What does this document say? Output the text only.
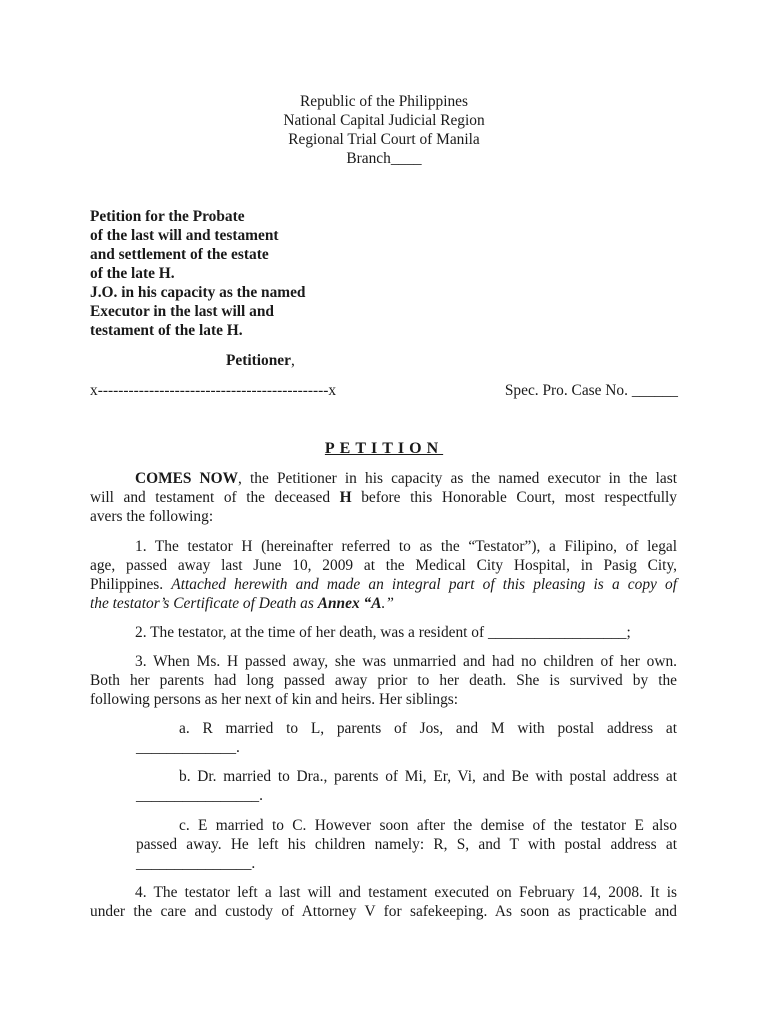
Republic of the Philippines
National Capital Judicial Region
Regional Trial Court of Manila
Branch____
Petition for the Probate
of the last will and testament
and settlement of the estate
of the late H.
J.O. in his capacity as the named
Executor in the last will and
testament of the late H.
Petitioner,
x---------------------------------------------x	Spec. Pro. Case No. ______
PETITION
COMES NOW, the Petitioner in his capacity as the named executor in the last
will and testament of the deceased H before this Honorable Court, most respectfully
avers the following:
1. The testator H (hereinafter referred to as the “Testator”), a Filipino, of legal
age, passed away last June 10, 2009 at the Medical City Hospital, in Pasig City,
Philippines. Attached herewith and made an integral part of this pleasing is a copy of
the testator’s Certificate of Death as Annex “A.”
2. The testator, at the time of her death, was a resident of __________________;
3. When Ms. H passed away, she was unmarried and had no children of her own.
Both her parents had long passed away prior to her death. She is survived by the
following persons as her next of kin and heirs. Her siblings:
a. R married to L, parents of Jos, and M with postal address at
_____________.
b. Dr. married to Dra., parents of Mi, Er, Vi, and Be with postal address at
________________.
c. E married to C. However soon after the demise of the testator E also
passed away. He left his children namely: R, S, and T with postal address at
_______________.
4. The testator left a last will and testament executed on February 14, 2008. It is
under the care and custody of Attorney V for safekeeping. As soon as practicable and
